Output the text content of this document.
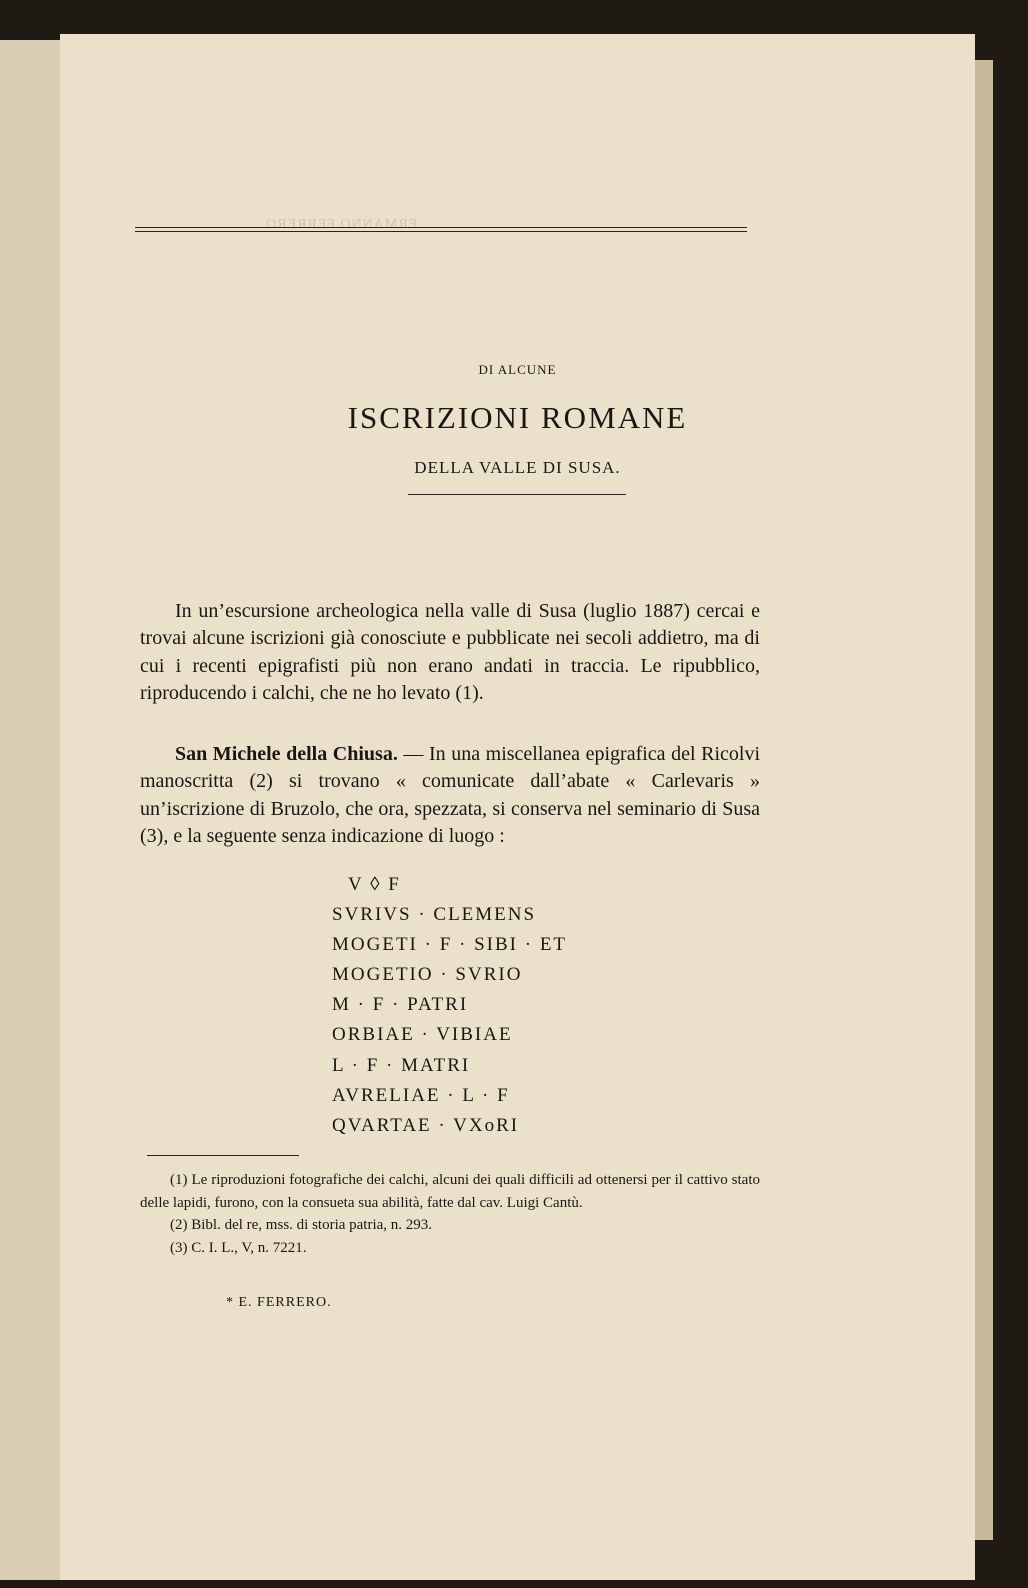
ERMANNO FERRERO
DI ALCUNE
ISCRIZIONI ROMANE
DELLA VALLE DI SUSA.
In un’escursione archeologica nella valle di Susa (luglio 1887) cercai e trovai alcune iscrizioni già conosciute e pubblicate nei secoli addietro, ma di cui i recenti epigrafisti più non erano andati in traccia. Le ripubblico, riproducendo i calchi, che ne ho levato (1).
San Michele della Chiusa. — In una miscellanea epigrafica del Ricolvi manoscritta (2) si trovano « comunicate dall’abate « Carlevaris » un’iscrizione di Bruzolo, che ora, spezzata, si conserva nel seminario di Susa (3), e la seguente senza indicazione di luogo :
V ◊ F
SVRIVS · CLEMENS
MOGETI · F · SIBI · ET
MOGETIO · SVRIO
M · F · PATRI
ORBIAE · VIBIAE
L · F · MATRI
AVRELIAE · L · F
QVARTAE · VXoRI
(1) Le riproduzioni fotografiche dei calchi, alcuni dei quali difficili ad ottenersi per il cattivo stato delle lapidi, furono, con la consueta sua abilità, fatte dal cav. Luigi Cantù.
(2) Bibl. del re, mss. di storia patria, n. 293.
(3) C. I. L., V, n. 7221.
* E. FERRERO.
